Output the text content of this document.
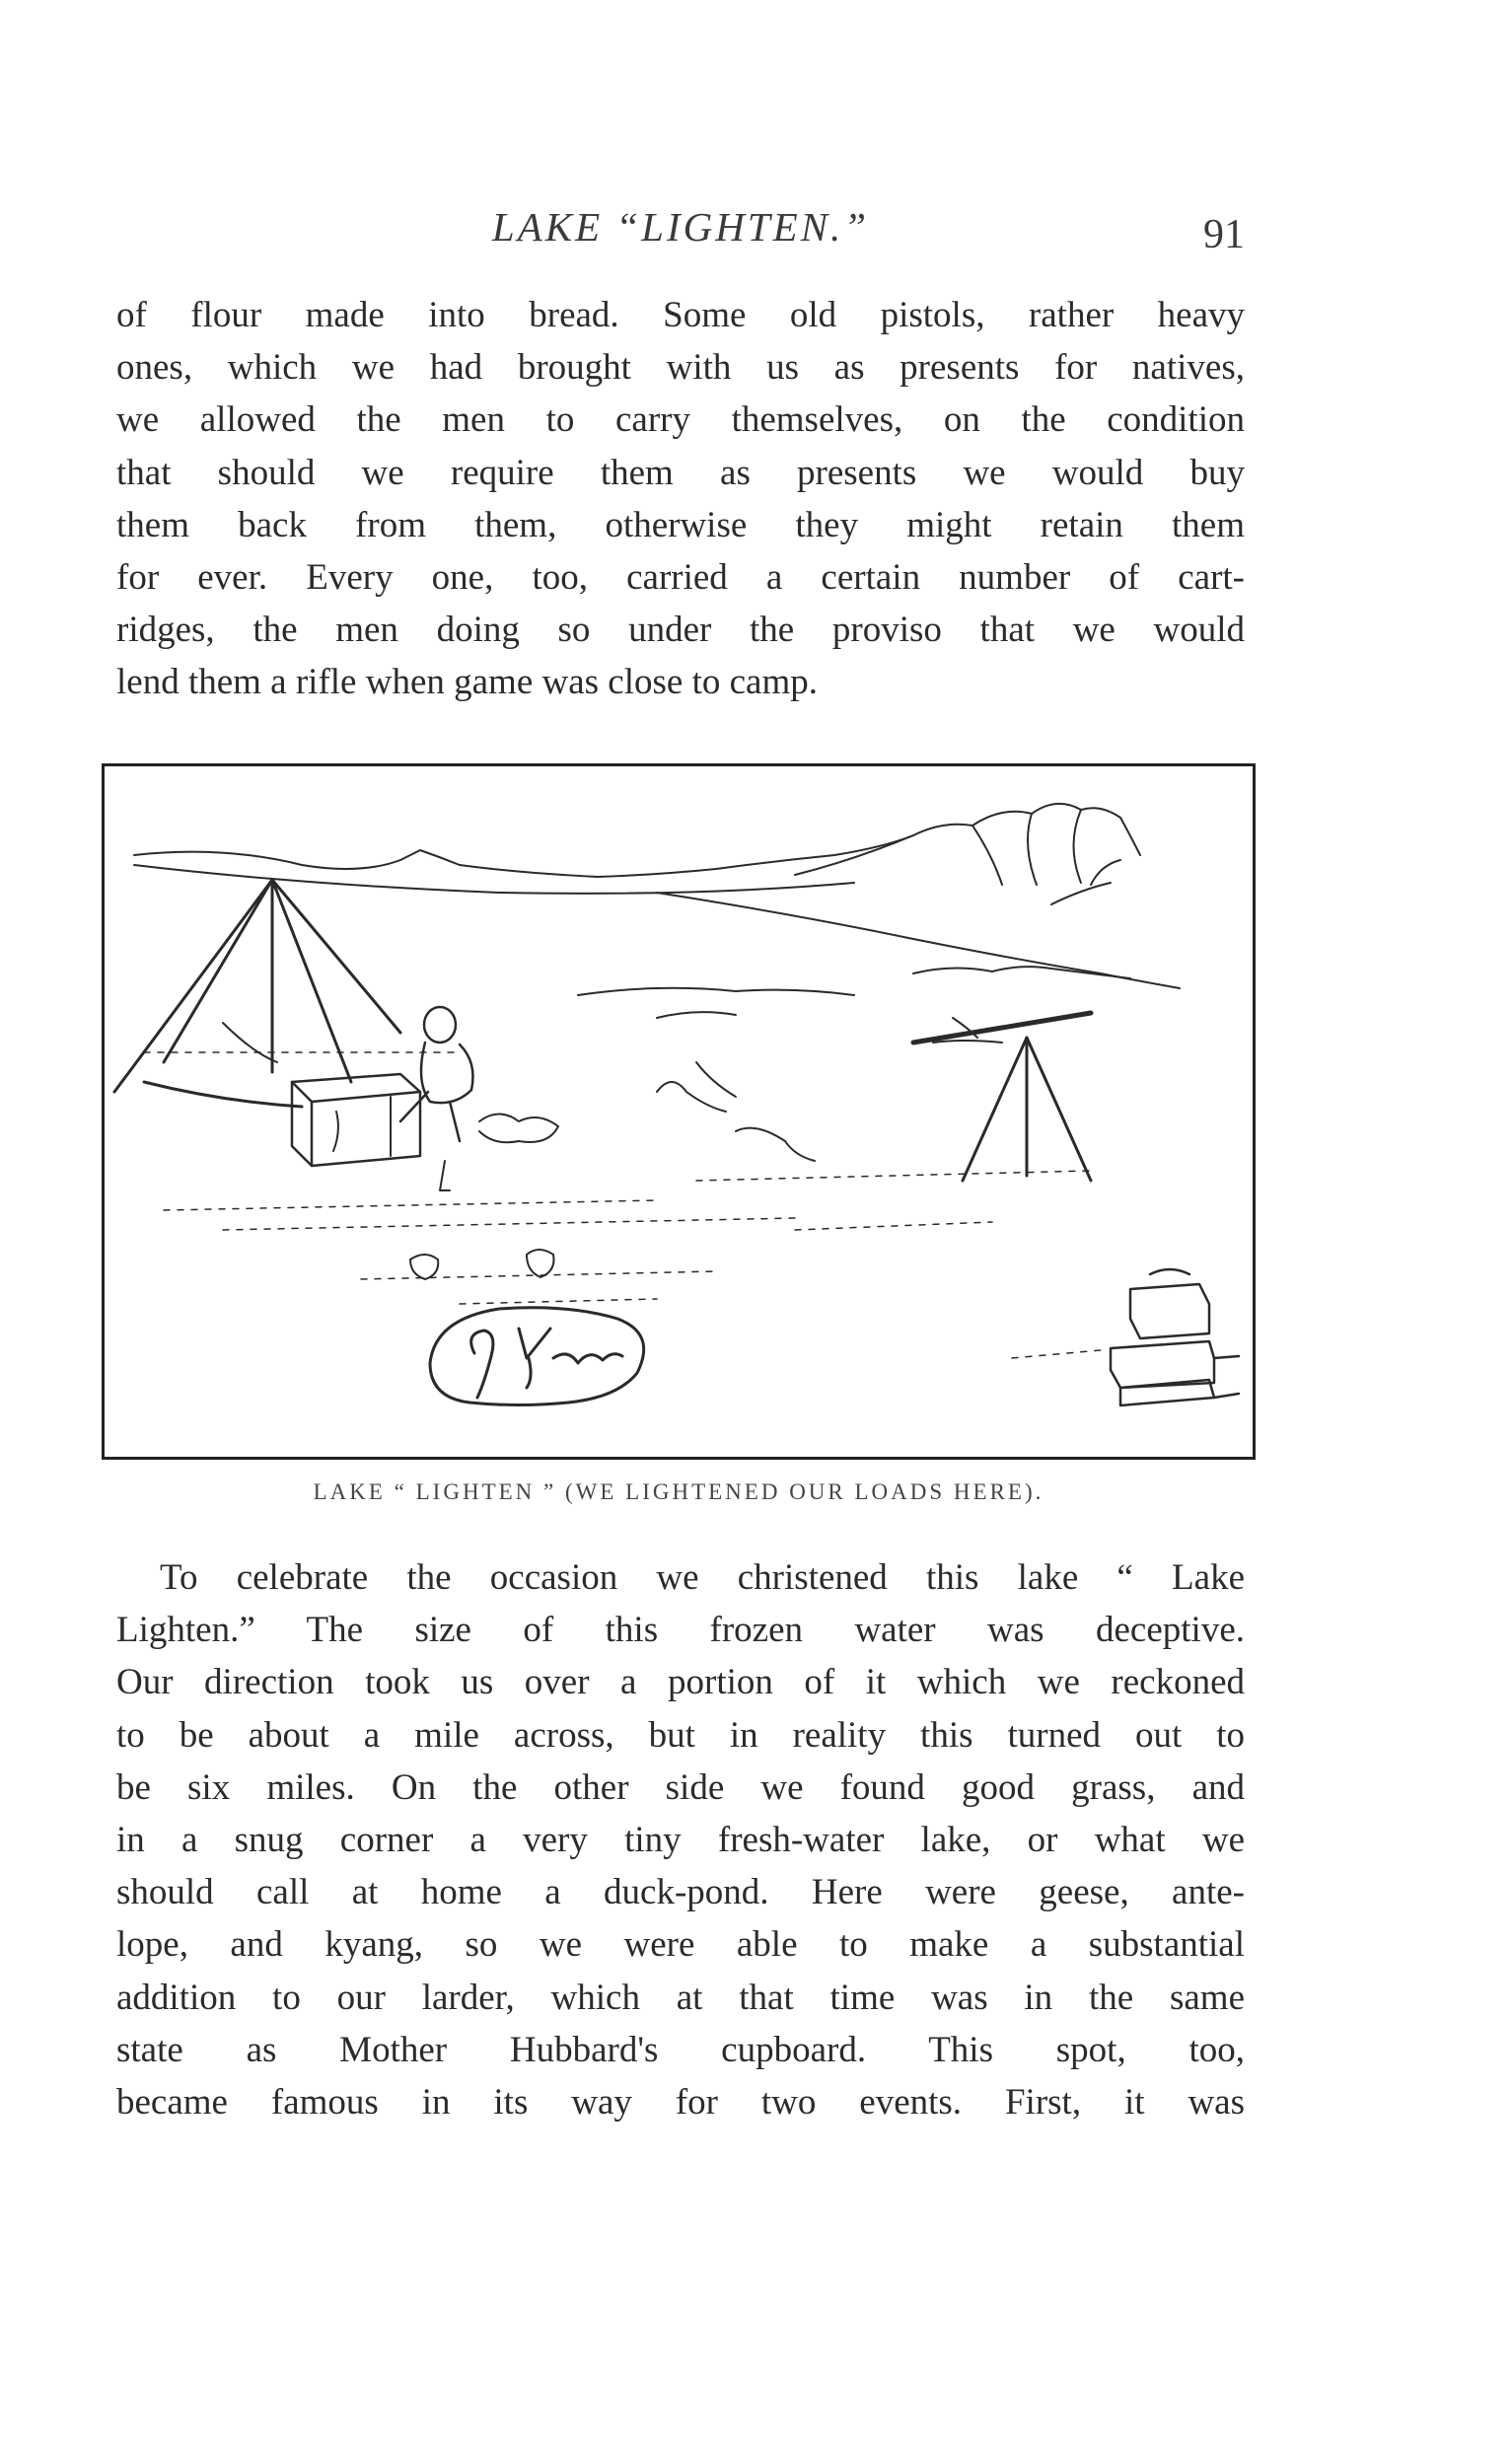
LAKE “LIGHTEN.”	91
of flour made into bread. Some old pistols, rather heavy
ones, which we had brought with us as presents for natives,
we allowed the men to carry themselves, on the condition
that should we require them as presents we would buy
them back from them, otherwise they might retain them
for ever. Every one, too, carried a certain number of cart-
ridges, the men doing so under the proviso that we would
lend them a rifle when game was close to camp.
LAKE “ LIGHTEN ” (WE LIGHTENED OUR LOADS HERE).
To celebrate the occasion we christened this lake “ Lake
Lighten.” The size of this frozen water was deceptive.
Our direction took us over a portion of it which we reckoned
to be about a mile across, but in reality this turned out to
be six miles. On the other side we found good grass, and
in a snug corner a very tiny fresh-water lake, or what we
should call at home a duck-pond. Here were geese, ante-
lope, and kyang, so we were able to make a substantial
addition to our larder, which at that time was in the same
state as Mother Hubbard's cupboard. This spot, too,
became famous in its way for two events. First, it was
